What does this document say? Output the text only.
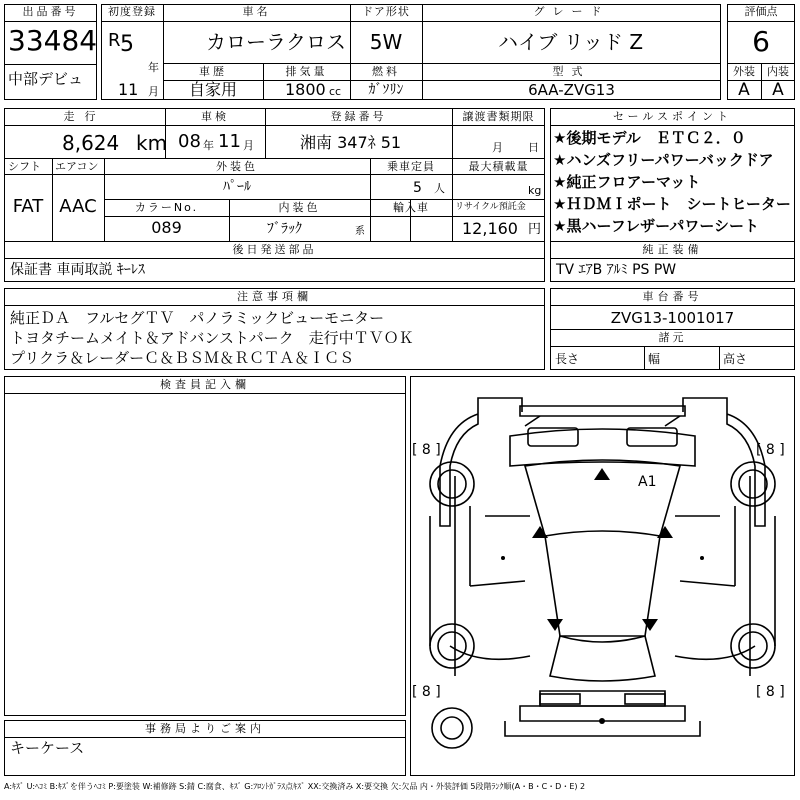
出品番号
33484
中部デビュ
初度登録
R 5
年
11 月
車名
カローラクロス
ドア形状
5W
グレード
ハイブ リッド Z
車歴
自家用
排気量
1800 cc
燃料
ｶﾞｿﾘﾝ
型式
6AA-ZVG13
評価点
6
外装	内装
A	A
走行
8,624 km
車検
08 年 11 月
登録番号
湘南 347ﾈ 51
譲渡書類期限
月 日
シフト
FAT
エアコン
AAC
外装色
ﾊﾟｰﾙ
乗車定員
5 人
最大積載量
kg
カラーNo.
089
内装色
ﾌﾞﾗｯｸ	系
輸入車	リサイクル預託金
12,160 円
後日発送部品
保証書 車両取説 ｷｰﾚｽ
セールスポイント
★後期モデル　ＥＴＣ２．０
★ハンズフリーパワーバックドア
★純正フロアーマット
★ＨＤＭＩポート　シートヒーター
★黒ハーフレザーパワーシート
純正装備
TV ｴｱB ｱﾙﾐ PS PW
注意事項欄
純正ＤＡ　フルセグＴＶ　パノラミックビューモニター
トヨタチームメイト＆アドバンストパーク　走行中ＴＶＯＫ
プリクラ＆レーダーＣ＆ＢＳＭ＆ＲＣＴＡ＆ＩＣＳ
車台番号
ZVG13-1001017
諸元
長さ	幅	高さ
検査員記入欄
事務局よりご案内
キーケース
[ 8 ]	[ 8 ]
[ 8 ]	[ 8 ]
A1
A:ｷｽﾞ U:ﾍｺﾐ B:ｷｽﾞを伴うﾍｺﾐ P:要塗装 W:補修跡 S:錆 C:腐食、ｷｽﾞ G:ﾌﾛﾝﾄｶﾞﾗｽ点ｷｽﾞ XX:交換済み X:要交換 欠:欠品 内・外装評価 5段階ﾗﾝｸ順(A・B・C・D・E) 2
